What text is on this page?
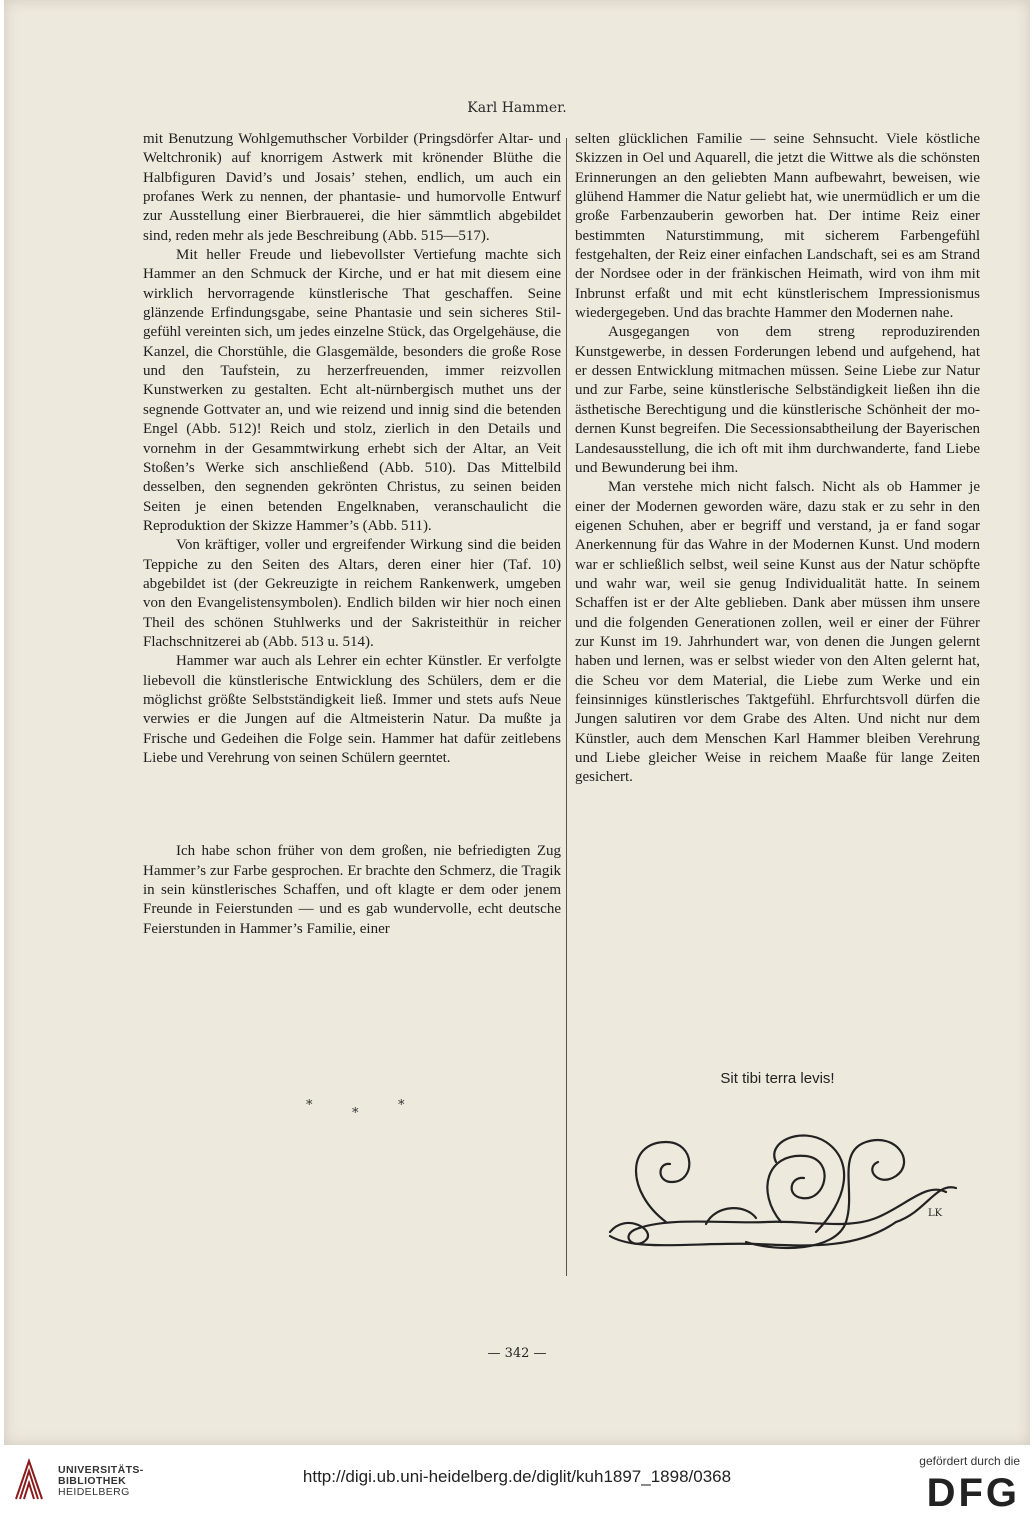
Karl Hammer.

mit Benutzung Wohlgemuthscher Vorbilder (Pringsdörfer Altar- und Weltchronik) auf knorrigem Astwerk mit krönender Blüthe die Halbfiguren David’s und Josais’ stehen, endlich, um auch ein profanes Werk zu nennen, der phantasie- und humorvolle Entwurf zur Ausstellung einer Bierbrauerei, die hier sämmtlich abgebildet sind, reden mehr als jede Beschreibung (Abb. 515—517).

Mit heller Freude und liebevollster Vertiefung machte sich Hammer an den Schmuck der Kirche, und er hat mit diesem eine wirklich hervorragende künstlerische That geschaffen. Seine glänzende Erfindungsgabe, seine Phantasie und sein sicheres Stilgefühl vereinten sich, um jedes einzelne Stück, das Orgelgehäuse, die Kanzel, die Chorstühle, die Glasgemälde, besonders die große Rose und den Taufstein, zu herzerfreuenden, immer reizvollen Kunstwerken zu gestalten. Echt alt-nürnbergisch muthet uns der segnende Gottvater an, und wie reizend und innig sind die betenden Engel (Abb. 512)! Reich und stolz, zierlich in den Details und vornehm in der Gesammtwirkung erhebt sich der Altar, an Veit Stoßen’s Werke sich anschließend (Abb. 510). Das Mittelbild desselben, den segnenden gekrönten Christus, zu seinen beiden Seiten je einen betenden Engelknaben, veranschaulicht die Reproduktion der Skizze Hammer’s (Abb. 511).

Von kräftiger, voller und ergreifender Wirkung sind die beiden Teppiche zu den Seiten des Altars, deren einer hier (Taf. 10) abgebildet ist (der Gekreuzigte in reichem Rankenwerk, umgeben von den Evangelistensymbolen). Endlich bilden wir hier noch einen Theil des schönen Stuhlwerks und der Sakristeithür in reicher Flachschnitzerei ab (Abb. 513 u. 514).

Hammer war auch als Lehrer ein echter Künstler. Er verfolgte liebevoll die künstlerische Entwicklung des Schülers, dem er die möglichst größte Selbstständigkeit ließ. Immer und stets aufs Neue verwies er die Jungen auf die Altmeisterin Natur. Da mußte ja Frische und Gedeihen die Folge sein. Hammer hat dafür zeitlebens Liebe und Verehrung von seinen Schülern geerntet.

Ich habe schon früher von dem großen, nie befriedigten Zug Hammer’s zur Farbe gesprochen. Er brachte den Schmerz, die Tragik in sein künstlerisches Schaffen, und oft klagte er dem oder jenem Freunde in Feierstunden — und es gab wundervolle, echt deutsche Feierstunden in Hammer’s Familie, einer

*
*
*

selten glücklichen Familie — seine Sehnsucht. Viele köstliche Skizzen in Oel und Aquarell, die jetzt die Wittwe als die schönsten Erinnerungen an den geliebten Mann aufbewahrt, beweisen, wie glühend Hammer die Natur geliebt hat, wie unermüdlich er um die große Farbenzauberin geworben hat. Der intime Reiz einer bestimmten Naturstimmung, mit sicherem Farbengefühl festgehalten, der Reiz einer einfachen Landschaft, sei es am Strand der Nordsee oder in der fränkischen Heimath, wird von ihm mit Inbrunst erfaßt und mit echt künstlerischem Impressionismus wiedergegeben. Und das brachte Hammer den Modernen nahe.

Ausgegangen von dem streng reproduzirenden Kunstgewerbe, in dessen Forderungen lebend und aufgehend, hat er dessen Entwicklung mitmachen müssen. Seine Liebe zur Natur und zur Farbe, seine künstlerische Selbständigkeit ließen ihn die ästhetische Berechtigung und die künstlerische Schönheit der modernen Kunst begreifen. Die Secessionsabtheilung der Bayerischen Landesausstellung, die ich oft mit ihm durchwanderte, fand Liebe und Bewunderung bei ihm.

Man verstehe mich nicht falsch. Nicht als ob Hammer je einer der Modernen geworden wäre, dazu stak er zu sehr in den eigenen Schuhen, aber er begriff und verstand, ja er fand sogar Anerkennung für das Wahre in der Modernen Kunst. Und modern war er schließlich selbst, weil seine Kunst aus der Natur schöpfte und wahr war, weil sie genug Individualität hatte. In seinem Schaffen ist er der Alte geblieben. Dank aber müssen ihm unsere und die folgenden Generationen zollen, weil er einer der Führer zur Kunst im 19. Jahrhundert war, von denen die Jungen gelernt haben und lernen, was er selbst wieder von den Alten gelernt hat, die Scheu vor dem Material, die Liebe zum Werke und ein feinsinniges künstlerisches Taktgefühl. Ehrfurchtsvoll dürfen die Jungen salutiren vor dem Grabe des Alten. Und nicht nur dem Künstler, auch dem Menschen Karl Hammer bleiben Verehrung und Liebe gleicher Weise in reichem Maaße für lange Zeiten gesichert.

Sit tibi terra levis!
LK
— 342 —
UNIVERSITÄTS-
BIBLIOTHEK
HEIDELBERG
http://digi.ub.uni-heidelberg.de/diglit/kuh1897_1898/0368
gefördert durch die
DFG
